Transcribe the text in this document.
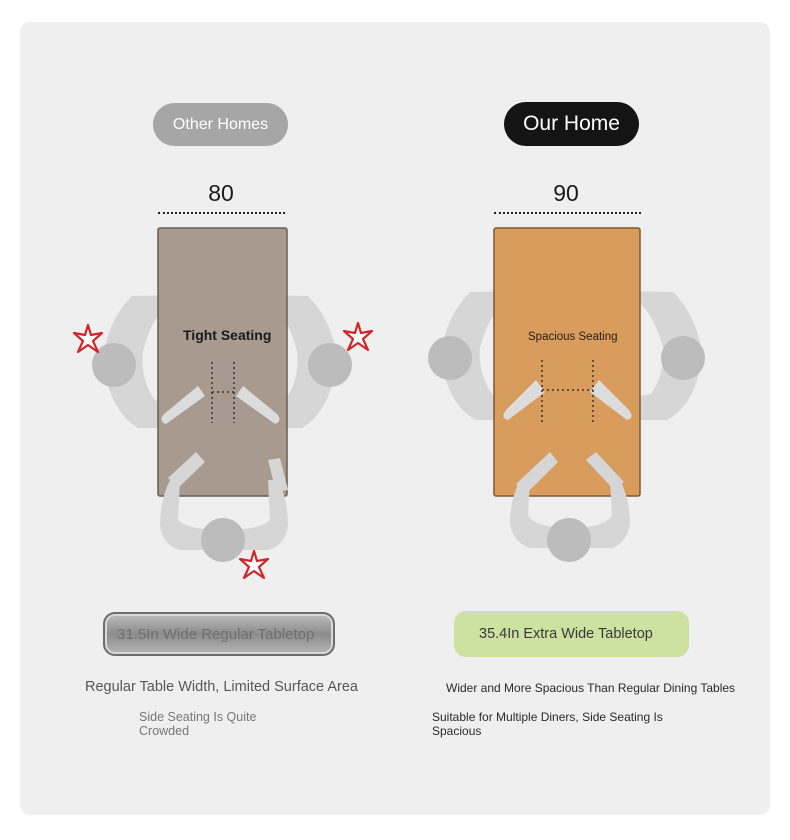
Other Homes	Our Home
80	90
Tight Seating	Spacious Seating
31.5In Wide Regular Tabletop	35.4In Extra Wide Tabletop
Regular Table Width, Limited Surface Area
Side Seating Is Quite Crowded
Wider and More Spacious Than Regular Dining Tables
Suitable for Multiple Diners, Side Seating Is Spacious
